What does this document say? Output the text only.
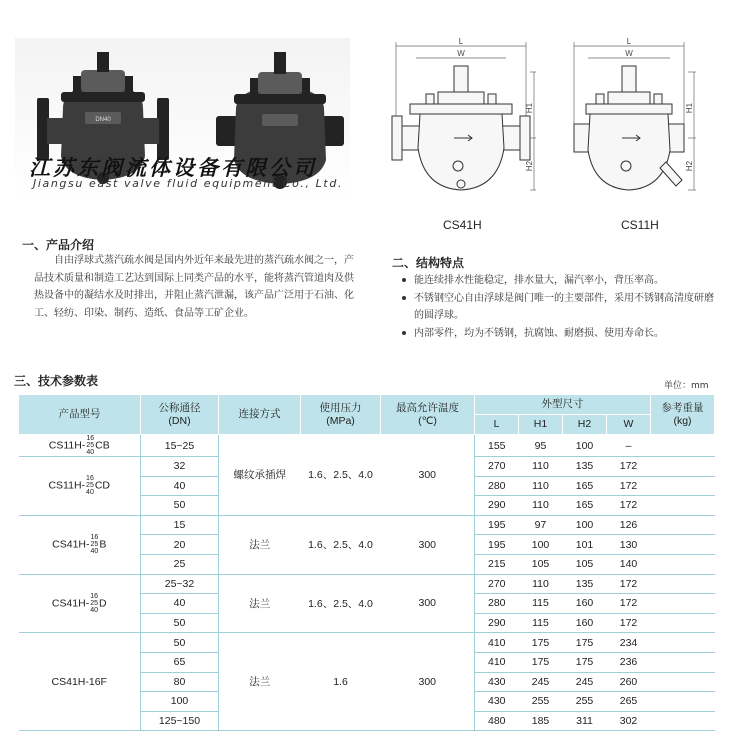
DN40
江苏东阀流体设备有限公司
Jiangsu east valve fluid equipment Co., Ltd.
L
W
H1
H2
CS41H
L
W
H1
H2
CS11H
一、产品介绍

自由浮球式蒸汽疏水阀是国内外近年来最先进的蒸汽疏水阀之一，产品技术质量和制造工艺达到国际上同类产品的水平，能将蒸汽管道肉及供热设备中的凝结水及时排出，并阻止蒸汽泄漏，该产品广泛用于石油、化工、轻纺、印染、制药、造纸、食品等工矿企业。

二、结构特点
能连续排水性能稳定，排水量大，漏汽率小，背压率高。
不锈钢空心自由浮球是阀门唯一的主要部件，采用不锈钢高清度研磨的圆浮球。
内部零件，均为不锈钢，抗腐蚀、耐磨损、使用寿命长。
三、技术参数表	单位：mm
产品型号	公称通径
(DN)	连接方式	使用压力
(MPa)	最高允许温度
(℃)	外型尺寸				参考重量
(kg)
					L	H1	H2	W	
CS11H-
16
25
40
CB	15~25	螺纹承插焊	1.6、2.5、4.0	300	155	95	100	–	
CS11H-
16
25
40
CD	32				270	110	135	172	
	40				280	110	165	172	
	50				290	110	165	172	
CS41H-
16
25
40
B	15	法兰	1.6、2.5、4.0	300	195	97	100	126	
	20				195	100	101	130	
	25				215	105	105	140	
CS41H-
16
25
40
D	25~32	法兰	1.6、2.5、4.0	300	270	110	135	172	
	40				280	115	160	172	
	50				290	115	160	172	
CS41H-16F	50	法兰	1.6	300	410	175	175	234	
	65				410	175	175	236	
	80				430	245	245	260	
	100				430	255	255	265	
	125~150				480	185	311	302	
